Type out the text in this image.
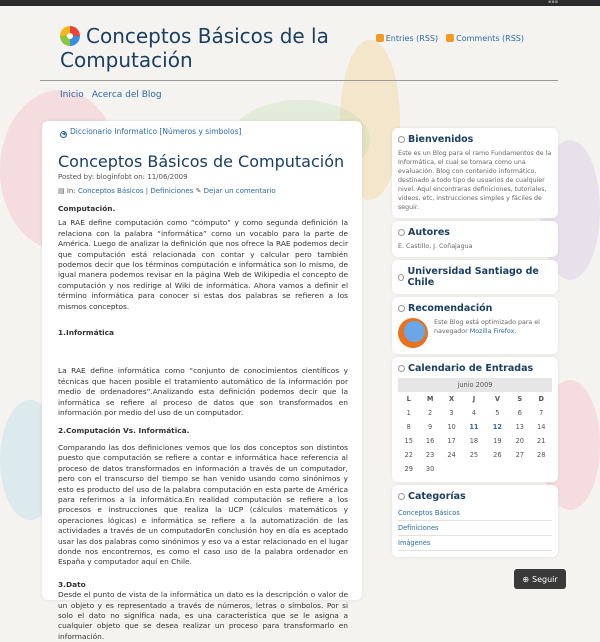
▪▪▪
Conceptos Básicos de la Computación
Entries (RSS)	Comments (RSS)
Inicio Acerca del Blog
◀ Diccionario Informatico [Números y simbolos]
Conceptos Básicos de Computación
Posted by: bloginfobt on: 11/06/2009
▤ In: Conceptos Básicos | Definiciones ✎ Dejar un comentario

Computación.

La RAE define computación como “cómputo” y como segunda definición la relaciona con la palabra “informática” como un vocablo para la parte de América. Luego de analizar la definición que nos ofrece la RAE podemos decir que computación está relacionada con contar y calcular pero también podemos decir que los términos computación e informática son lo mismo, de igual manera podemos revisar en la página Web de Wikipedia el concepto de computación y nos redirige al Wiki de informática. Ahora vamos a definir el término informática para conocer si estas dos palabras se refieren a los mismos conceptos.

1.Informática

La RAE define informática como “conjunto de conocimientos científicos y técnicas que hacen posible el tratamiento automático de la información por medio de ordenadores”.Analizando esta definición podemos decir que la informática se refiere al proceso de datos que son transformados en información por medio del uso de un computador.

2.Computación Vs. Informática.

Comparando las dos definiciones vemos que los dos conceptos son distintos puesto que computación se refiere a contar e informática hace referencia al proceso de datos transformados en información a través de un computador, pero con el transcurso del tiempo se han venido usando como sinónimos y esto es producto del uso de la palabra computación en esta parte de América para referirnos a la informática.En realidad computación se refiere a los procesos e instrucciones que realiza la UCP (cálculos matemáticos y operaciones lógicas) e informática se refiere a la automatización de las actividades a través de un computadorEn conclusión hoy en día es aceptado usar las dos palabras como sinónimos y eso va a estar relacionado en el lugar donde nos encontremos, es como el caso uso de la palabra ordenador en España y computador aquí en Chile.

3.Dato

Desde el punto de vista de la informática un dato es la descripción o valor de un objeto y es representado a través de números, letras o símbolos. Por si solo el dato no significa nada, es una característica que se le asigna a cualquier objeto que se desea realizar un proceso para transformarlo en información.

Bienvenidos
Este es un Blog para el ramo Fundamentos de la Informática, el cual se tomara como una evaluación. Blog con contenido informático, destinado a todo tipo de usuarios de cualquier nivel. Aquí encontraras definiciones, tutoriales, videos, etc, instrucciones simples y fáciles de seguir.
Autores
E. Castillo, J. Coñajagua
Universidad Santiago de Chile
Recomendación
Este Blog está optimizado para el navegador Mozilla Firefox.
Calendario de Entradas
junio 2009
L	M	X	J	V	S	D
1	2	3	4	5	6	7
8	9	10	11	12	13	14
15	16	17	18	19	20	21
22	23	24	25	26	27	28
29	30					
Categorías
Conceptos Básicos
Definiciones
Imágenes
⊕ Seguir
